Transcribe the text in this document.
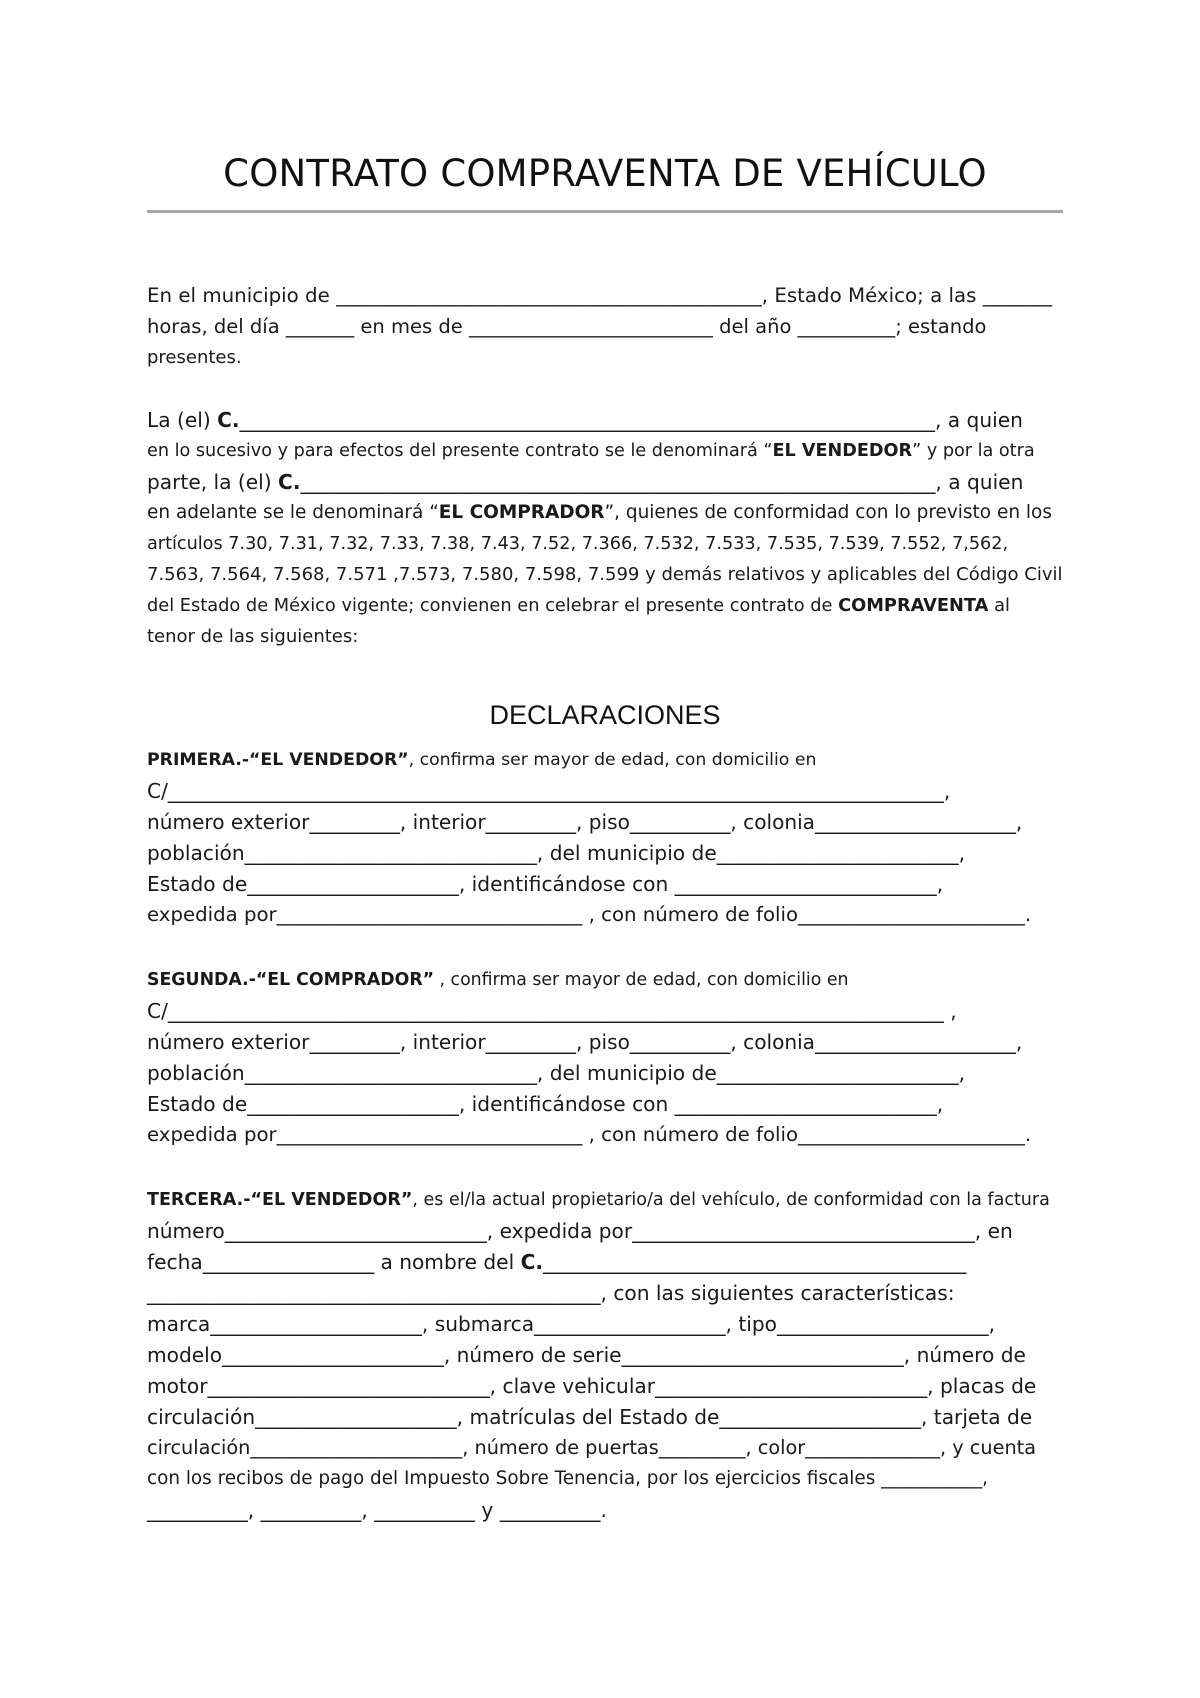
CONTRATO COMPRAVENTA DE VEHÍCULO
En el municipio de ___________________________________________, Estado México; a las _______
horas, del día _______ en mes de _________________________ del año __________; estando
presentes.
La (el) C._____________________________________________________________________, a quien
en lo sucesivo y para efectos del presente contrato se le denominará “EL VENDEDOR” y por la otra
parte, la (el) C._______________________________________________________________, a quien
en adelante se le denominará “EL COMPRADOR”, quienes de conformidad con lo previsto en los
artículos 7.30, 7.31, 7.32, 7.33, 7.38, 7.43, 7.52, 7.366, 7.532, 7.533, 7.535, 7.539, 7.552, 7,562,
7.563, 7.564, 7.568, 7.571 ,7.573, 7.580, 7.598, 7.599 y demás relativos y aplicables del Código Civil
del Estado de México vigente; convienen en celebrar el presente contrato de COMPRAVENTA al
tenor de las siguientes:
DECLARACIONES
PRIMERA.-“EL VENDEDOR”, confirma ser mayor de edad, con domicilio en
C/_____________________________________________________________________________,
número exterior_________, interior_________, piso__________, colonia____________________,
población_____________________________, del municipio de________________________,
Estado de_____________________, identificándose con __________________________,
expedida por_______________________________ , con número de folio_______________________.
SEGUNDA.-“EL COMPRADOR” , confirma ser mayor de edad, con domicilio en
C/_____________________________________________________________________________ ,
número exterior_________, interior_________, piso__________, colonia____________________,
población_____________________________, del municipio de________________________,
Estado de_____________________, identificándose con __________________________,
expedida por_______________________________ , con número de folio_______________________.
TERCERA.-“EL VENDEDOR”, es el/la actual propietario/a del vehículo, de conformidad con la factura
número__________________________, expedida por__________________________________, en
fecha_________________ a nombre del C.__________________________________________
_____________________________________________, con las siguientes características:
marca_____________________, submarca___________________, tipo_____________________,
modelo______________________, número de serie____________________________, número de
motor____________________________, clave vehicular___________________________, placas de
circulación____________________, matrículas del Estado de____________________, tarjeta de
circulación______________________, número de puertas_________, color______________, y cuenta
con los recibos de pago del Impuesto Sobre Tenencia, por los ejercicios fiscales ___________,
__________, __________, __________ y __________.
